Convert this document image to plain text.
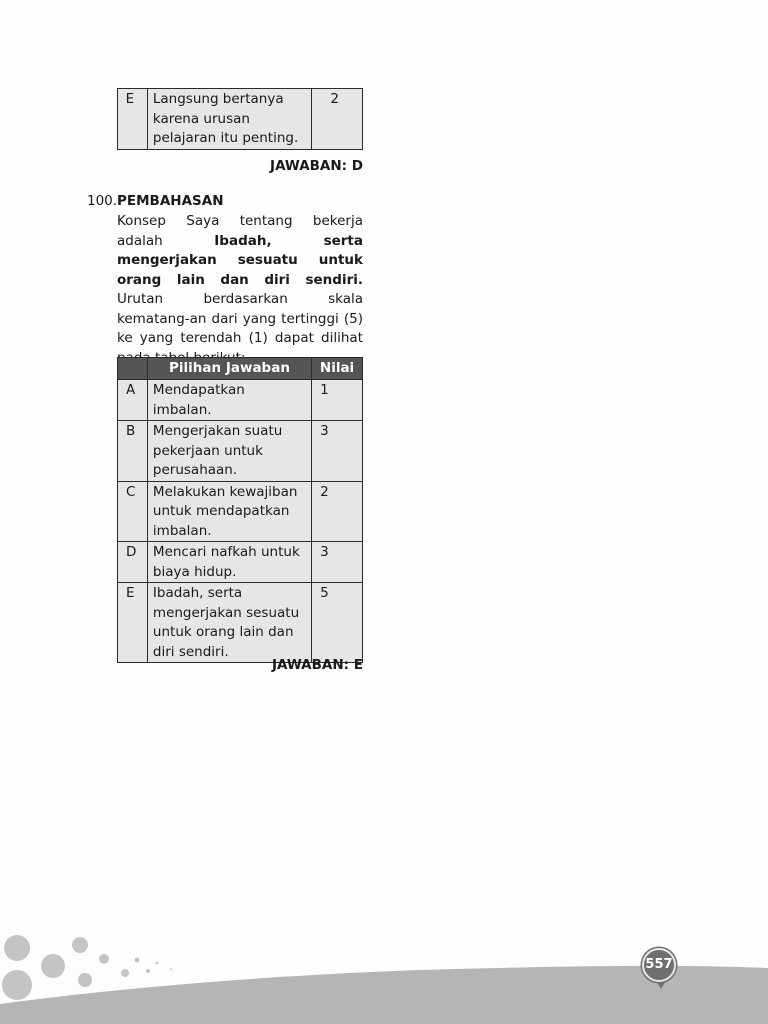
E	Langsung bertanya karena urusan pelajaran itu penting.	2
JAWABAN: D
100. PEMBAHASAN
Konsep Saya tentang bekerja adalah Ibadah, serta mengerjakan sesuatu untuk orang lain dan diri sendiri. Urutan berdasarkan skala kematang-an dari yang tertinggi (5) ke yang terendah (1) dapat dilihat
	Pilihan Jawaban	Nilai
A	Mendapatkan imbalan.	1
B	Mengerjakan suatu pekerjaan untuk perusahaan.	3
C	Melakukan kewajiban untuk mendapatkan imbalan.	2
D	Mencari nafkah untuk biaya hidup.	3
E	Ibadah, serta mengerjakan sesuatu untuk orang lain dan diri sendiri.	5
JAWABAN: E
557
